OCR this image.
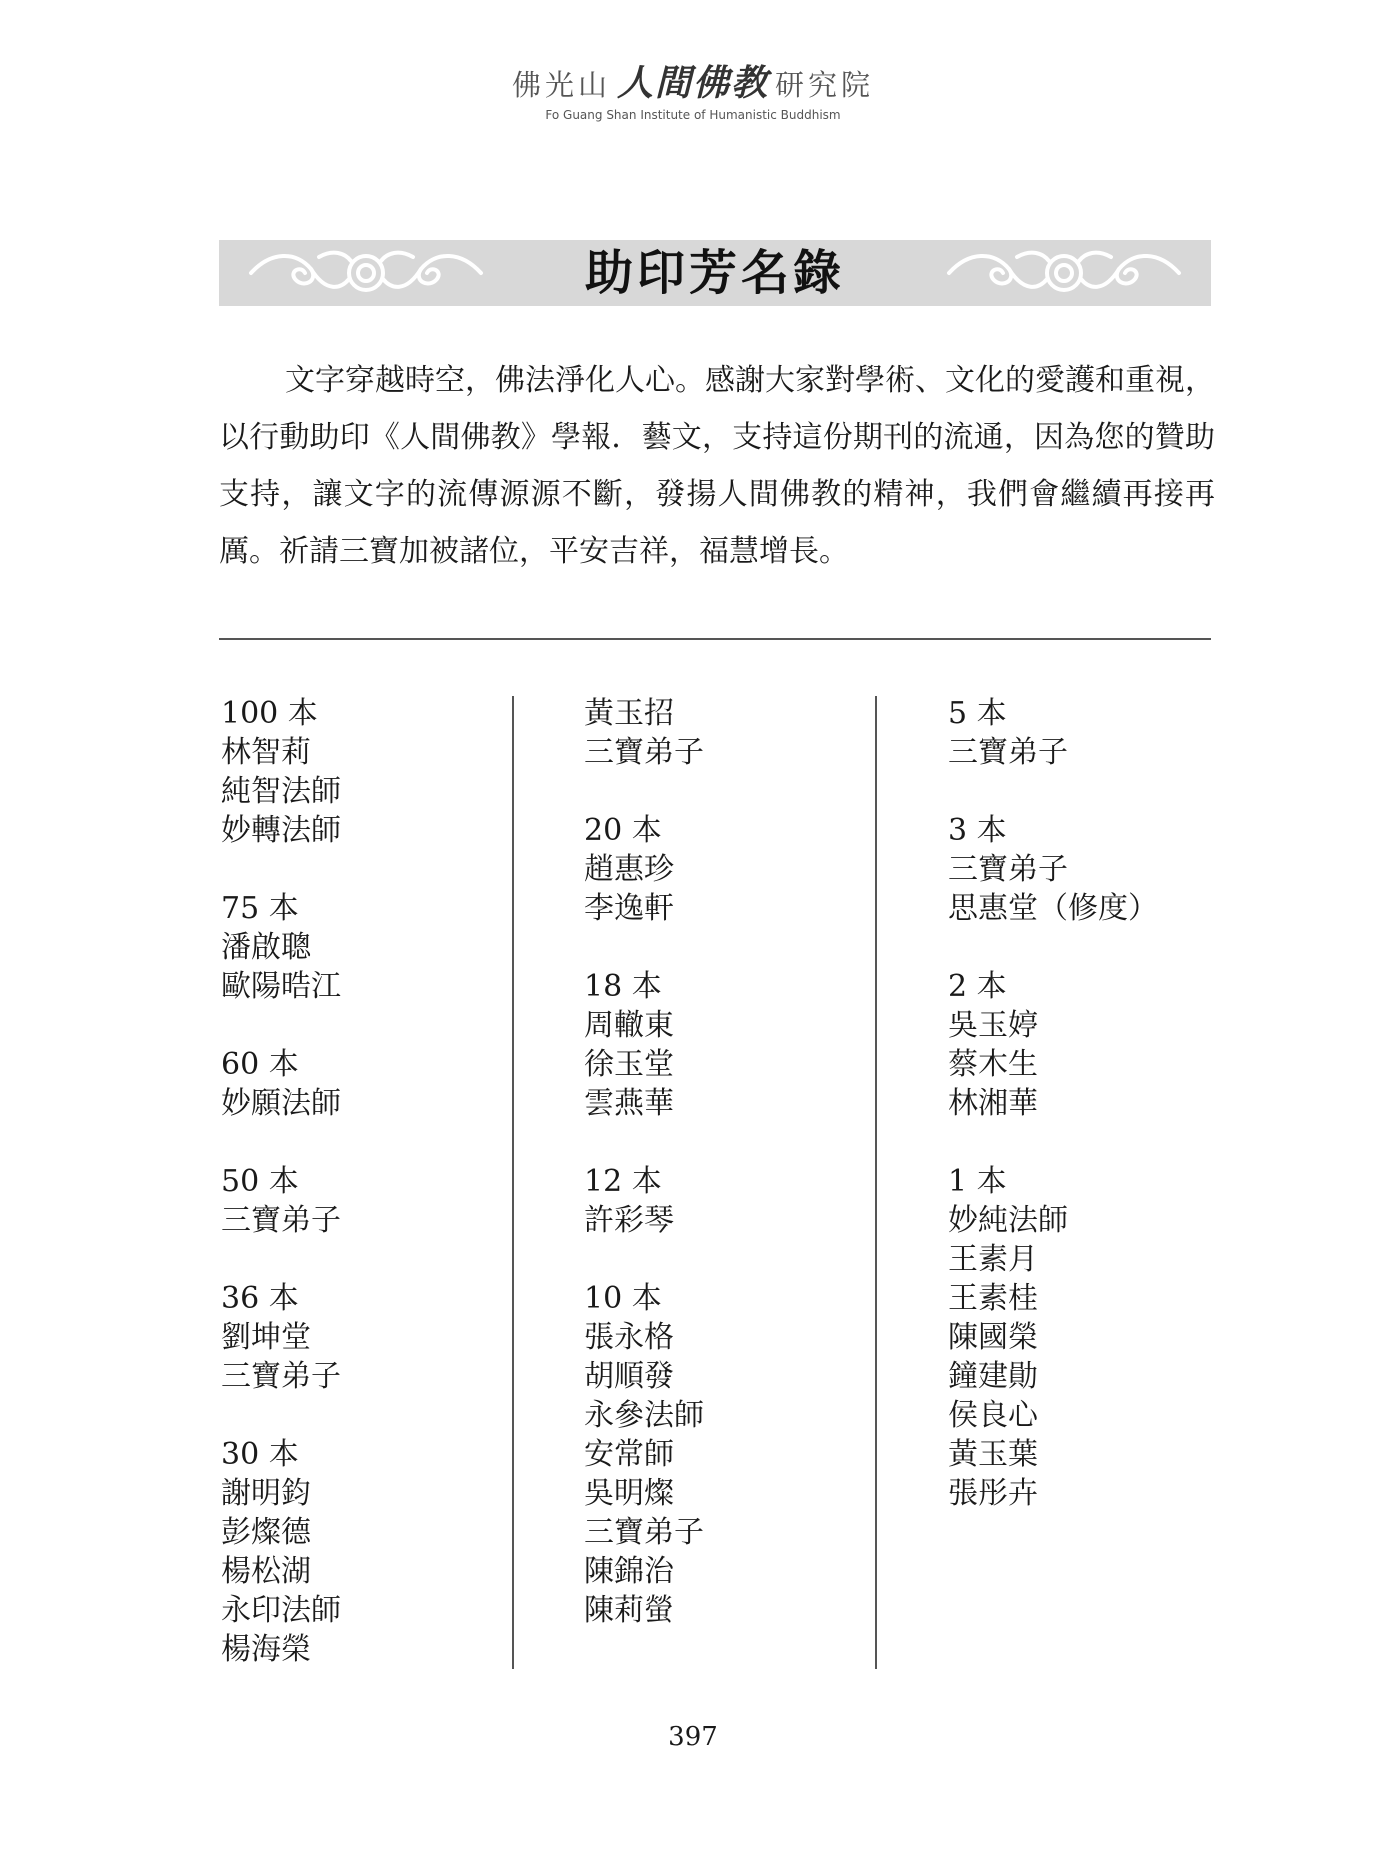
佛光山 人間佛教 研究院
Fo Guang Shan Institute of Humanistic Buddhism
助印芳名錄

文字穿越時空，佛法淨化人心。感謝大家對學術、文化的愛護和重視，以行動助印《人間佛教》學報．藝文，支持這份期刊的流通，因為您的贊助支持，讓文字的流傳源源不斷，發揚人間佛教的精神，我們會繼續再接再厲。祈請三寶加被諸位，平安吉祥，福慧增長。

100 本
林智莉
純智法師
妙轉法師
75 本
潘啟聰
歐陽晧江
60 本
妙願法師
50 本
三寶弟子
36 本
劉坤堂
三寶弟子
30 本
謝明鈞
彭燦德
楊松湖
永印法師
楊海榮
黃玉招
三寶弟子
20 本
趙惠珍
李逸軒
18 本
周轍東
徐玉堂
雲燕華
12 本
許彩琴
10 本
張永格
胡順發
永參法師
安常師
吳明燦
三寶弟子
陳錦治
陳莉螢
5 本
三寶弟子
3 本
三寶弟子
思惠堂（修度）
2 本
吳玉婷
蔡木生
林湘華
1 本
妙純法師
王素月
王素桂
陳國榮
鐘建勛
侯良心
黃玉葉
張彤卉
397
